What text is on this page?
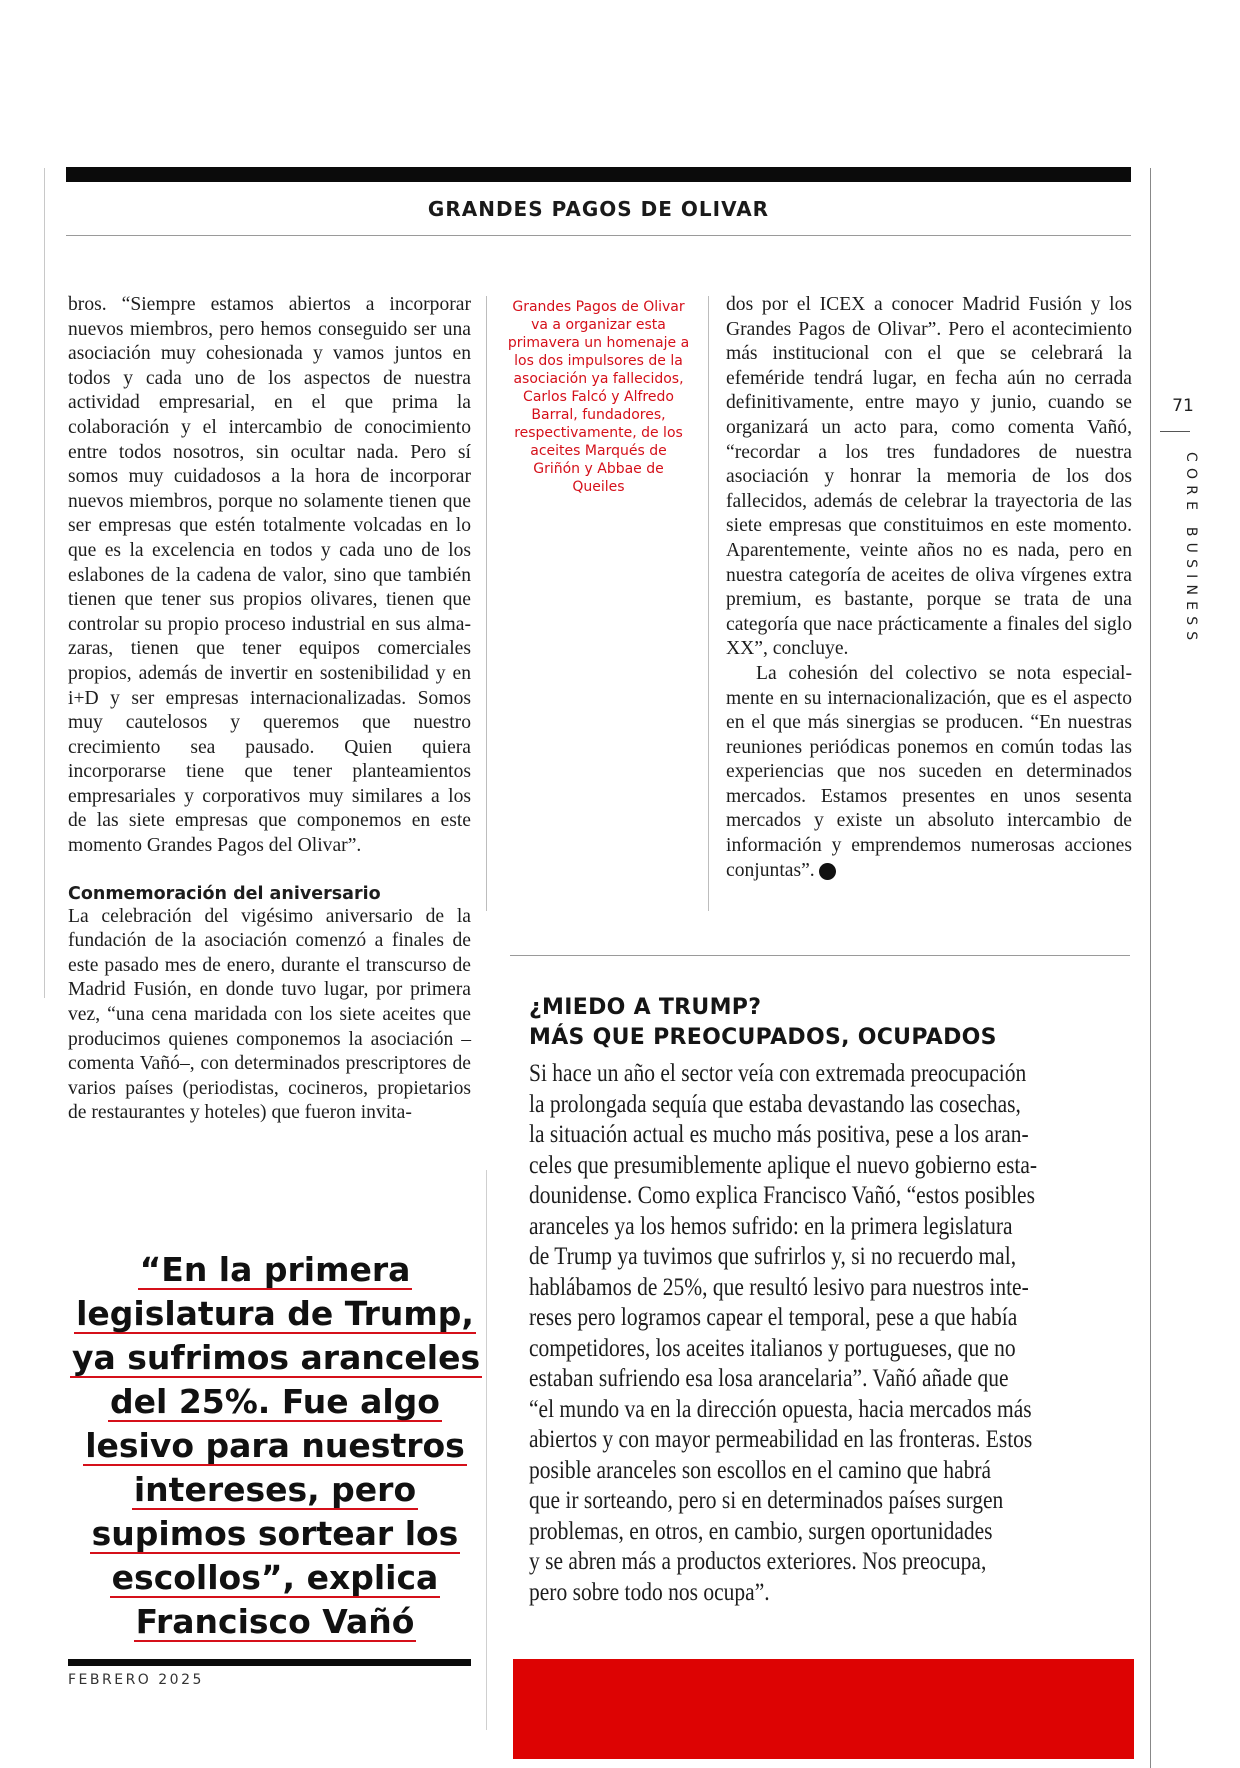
GRANDES PAGOS DE OLIVAR

bros. “Siempre estamos abiertos a incorporar nuevos miembros, pero hemos conseguido ser una asociación muy cohesionada y vamos juntos en todos y cada uno de los aspectos de nuestra actividad empresarial, en el que prima la colaboración y el intercambio de conocimiento entre todos nosotros, sin ocultar nada. Pero sí somos muy cuidadosos a la hora de incorporar nuevos miembros, porque no solamente tienen que ser empresas que estén totalmente volcadas en lo que es la excelencia en todos y cada uno de los eslabones de la cadena de valor, sino que también tienen que tener sus propios olivares, tienen que controlar su propio proceso industrial en sus almazaras, tienen que tener equipos comerciales propios, además de invertir en sostenibilidad y en i+D y ser empresas internacionalizadas. Somos muy cautelosos y queremos que nuestro crecimiento sea pausado. Quien quiera incorporarse tiene que tener planteamientos empresariales y corporativos muy similares a los de las siete empresas que componemos en este momento Grandes Pagos del Olivar”.

Conmemoración del aniversario

La celebración del vigésimo aniversario de la fundación de la asociación comenzó a finales de este pasado mes de enero, durante el transcurso de Madrid Fusión, en donde tuvo lugar, por primera vez, “una cena maridada con los siete aceites que producimos quienes componemos la asociación –comenta Vañó–, con determinados prescriptores de varios países (periodistas, cocineros, propietarios de restaurantes y hoteles) que fueron invita-

Grandes Pagos de Olivar va a organizar esta primavera un homenaje a los dos impulsores de la asociación ya fallecidos, Carlos Falcó y Alfredo Barral, fundadores, respectivamente, de los aceites Marqués de Griñón y Abbae de Queiles

dos por el ICEX a conocer Madrid Fusión y los Grandes Pagos de Olivar”. Pero el acontecimiento más institucional con el que se celebrará la efeméride tendrá lugar, en fecha aún no cerrada definitivamente, entre mayo y junio, cuando se organizará un acto para, como comenta Vañó, “recordar a los tres fundadores de nuestra asociación y honrar la memoria de los dos fallecidos, además de celebrar la trayectoria de las siete empresas que constituimos en este momento. Aparentemente, veinte años no es nada, pero en nuestra categoría de aceites de oliva vírgenes extra premium, es bastante, porque se trata de una categoría que nace prácticamente a finales del siglo XX”, concluye.

La cohesión del colectivo se nota especialmente en su internacionalización, que es el aspecto en el que más sinergias se producen. “En nuestras reuniones periódicas ponemos en común todas las experiencias que nos suceden en determinados mercados. Estamos presentes en unos sesenta mercados y existe un absoluto intercambio de información y emprendemos numerosas acciones conjuntas”.	F

¿MIEDO A TRUMP?
MÁS QUE PREOCUPADOS, OCUPADOS
Si hace un año el sector veía con extremada preocupación
la prolongada sequía que estaba devastando las cosechas,
la situación actual es mucho más positiva, pese a los aran-
celes que presumiblemente aplique el nuevo gobierno esta-
dounidense. Como explica Francisco Vañó, “estos posibles
aranceles ya los hemos sufrido: en la primera legislatura
de Trump ya tuvimos que sufrirlos y, si no recuerdo mal,
hablábamos de 25%, que resultó lesivo para nuestros inte-
reses pero logramos capear el temporal, pese a que había
competidores, los aceites italianos y portugueses, que no
estaban sufriendo esa losa arancelaria”. Vañó añade que
“el mundo va en la dirección opuesta, hacia mercados más
abiertos y con mayor permeabilidad en las fronteras. Estos
posible aranceles son escollos en el camino que habrá
que ir sorteando, pero si en determinados países surgen
problemas, en otros, en cambio, surgen oportunidades
y se abren más a productos exteriores. Nos preocupa,
pero sobre todo nos ocupa”.
“En la primera
legislatura de Trump,
ya sufrimos aranceles
del 25%. Fue algo
lesivo para nuestros
intereses, pero
supimos sortear los
escollos”, explica
Francisco Vañó

FEBRERO 2025
71
CORE BUSINESS
